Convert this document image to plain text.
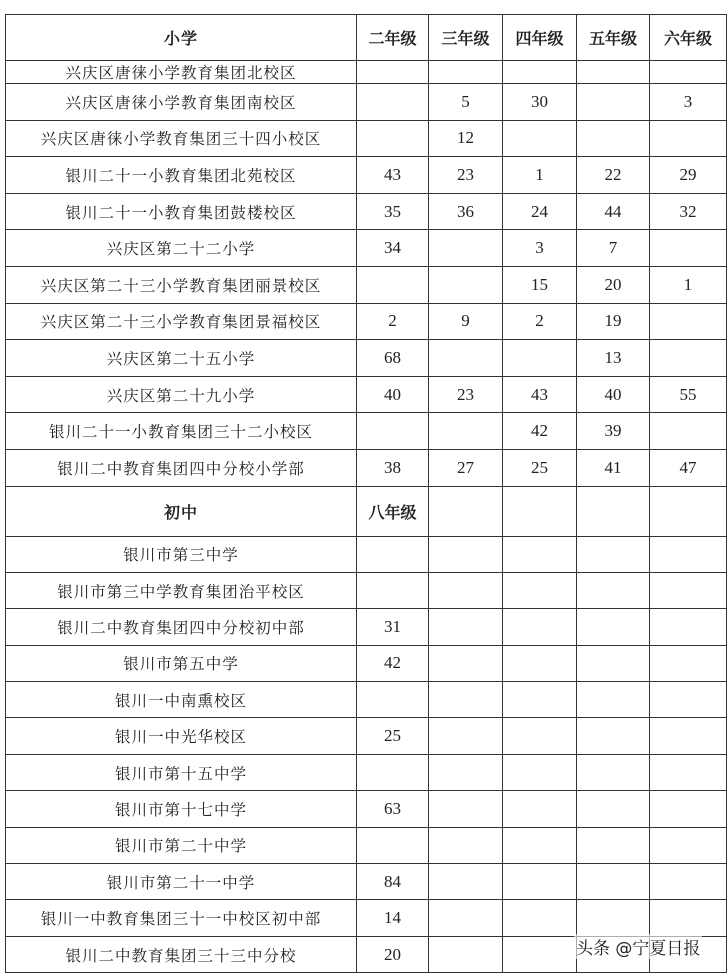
小学	二年级	三年级	四年级	五年级	六年级
兴庆区唐徕小学教育集团北校区					
兴庆区唐徕小学教育集团南校区		5	30		3
兴庆区唐徕小学教育集团三十四小校区		12			
银川二十一小教育集团北苑校区	43	23	1	22	29
银川二十一小教育集团鼓楼校区	35	36	24	44	32
兴庆区第二十二小学	34		3	7	
兴庆区第二十三小学教育集团丽景校区			15	20	1
兴庆区第二十三小学教育集团景福校区	2	9	2	19	
兴庆区第二十五小学	68			13	
兴庆区第二十九小学	40	23	43	40	55
银川二十一小教育集团三十二小校区			42	39	
银川二中教育集团四中分校小学部	38	27	25	41	47
初中	八年级				
银川市第三中学					
银川市第三中学教育集团治平校区					
银川二中教育集团四中分校初中部	31				
银川市第五中学	42				
银川一中南熏校区					
银川一中光华校区	25				
银川市第十五中学					
银川市第十七中学	63				
银川市第二十中学					
银川市第二十一中学	84				
银川一中教育集团三十一中校区初中部	14				
银川二中教育集团三十三中分校	20					头条 @宁夏日报
